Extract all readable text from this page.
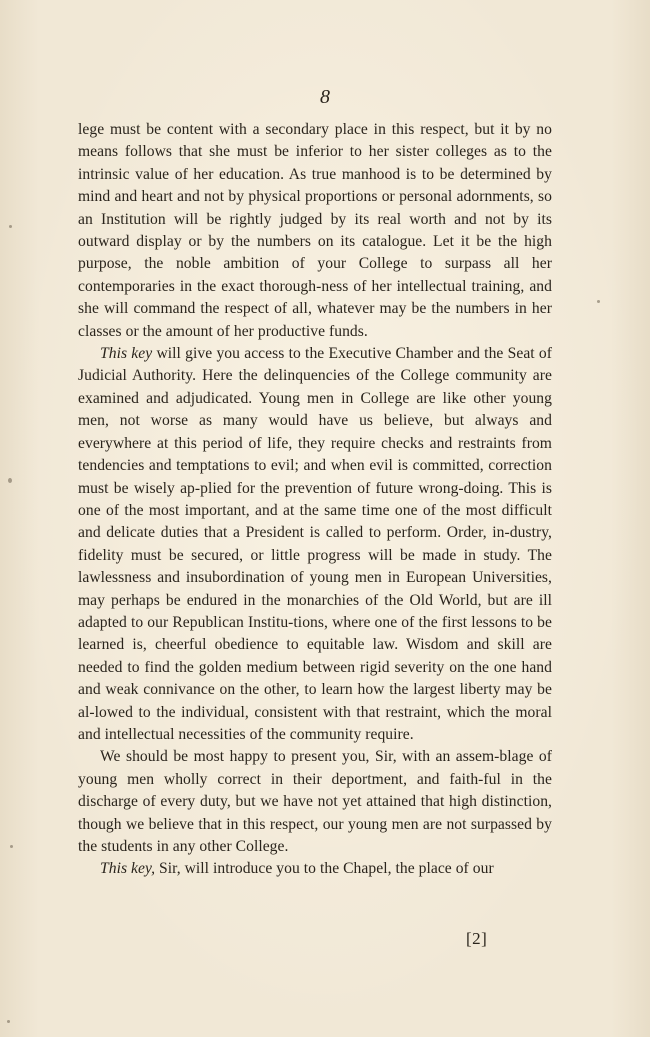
8

lege must be content with a secondary place in this respect, but it by no means follows that she must be inferior to her sister colleges as to the intrinsic value of her education. As true manhood is to be determined by mind and heart and not by physical proportions or personal adornments, so an Institution will be rightly judged by its real worth and not by its outward display or by the numbers on its catalogue. Let it be the high purpose, the noble ambition of your College to surpass all her contemporaries in the exact thorough-ness of her intellectual training, and she will command the respect of all, whatever may be the numbers in her classes or the amount of her productive funds.

This key will give you access to the Executive Chamber and the Seat of Judicial Authority. Here the delinquencies of the College community are examined and adjudicated. Young men in College are like other young men, not worse as many would have us believe, but always and everywhere at this period of life, they require checks and restraints from tendencies and temptations to evil; and when evil is committed, correction must be wisely ap-plied for the prevention of future wrong-doing. This is one of the most important, and at the same time one of the most difficult and delicate duties that a President is called to perform. Order, in-dustry, fidelity must be secured, or little progress will be made in study. The lawlessness and insubordination of young men in European Universities, may perhaps be endured in the monarchies of the Old World, but are ill adapted to our Republican Institu-tions, where one of the first lessons to be learned is, cheerful obedience to equitable law. Wisdom and skill are needed to find the golden medium between rigid severity on the one hand and weak connivance on the other, to learn how the largest liberty may be al-lowed to the individual, consistent with that restraint, which the moral and intellectual necessities of the community require.

We should be most happy to present you, Sir, with an assem-blage of young men wholly correct in their deportment, and faith-ful in the discharge of every duty, but we have not yet attained that high distinction, though we believe that in this respect, our young men are not surpassed by the students in any other College.

This key, Sir, will introduce you to the Chapel, the place of our

[2]
